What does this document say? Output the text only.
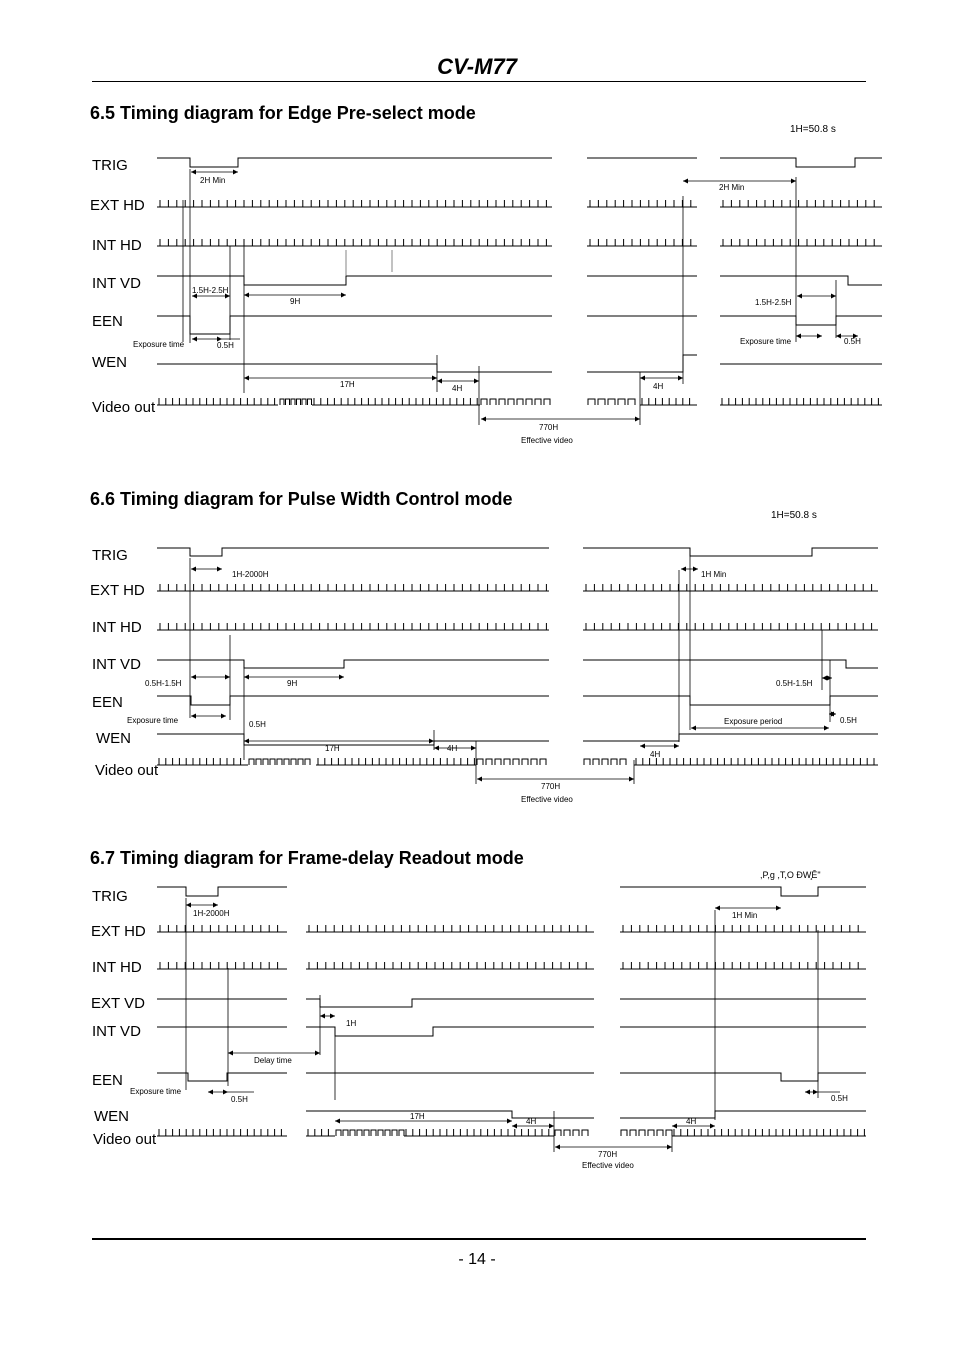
CV-M77
6.5 Timing diagram for Edge Pre-select mode
1H=50.8 s
TRIG
EXT HD
INT HD
INT VD
EEN
WEN
Video out
2H Min
2H Min
1.5H-2.5H
9H	1.5H-2.5H
Exposure time	0.5H	Exposure time	0.5H
17H	4H	4H
770H
Effective video
6.6 Timing diagram for Pulse Width Control mode
1H=50.8 s
TRIG
EXT HD
INT HD
INT VD
EEN
WEN
Video out
1H-2000H	1H Min
0.5H-1.5H	9H	0.5H-1.5H
Exposure time	0.5H	Exposure period	0.5H
17H	4H
4H
770H
Effective video
6.7 Timing diagram for Frame-delay Readout mode
,P,g ,T,O ĐW̧Ê"
TRIG
EXT HD
INT HD
EXT VD
INT VD
EEN
WEN
Video out
1H-2000H	1H Min
1H
Delay time
Exposure time
0.5H	0.5H
17H
4H	4H
770H
Effective video
- 14 -
